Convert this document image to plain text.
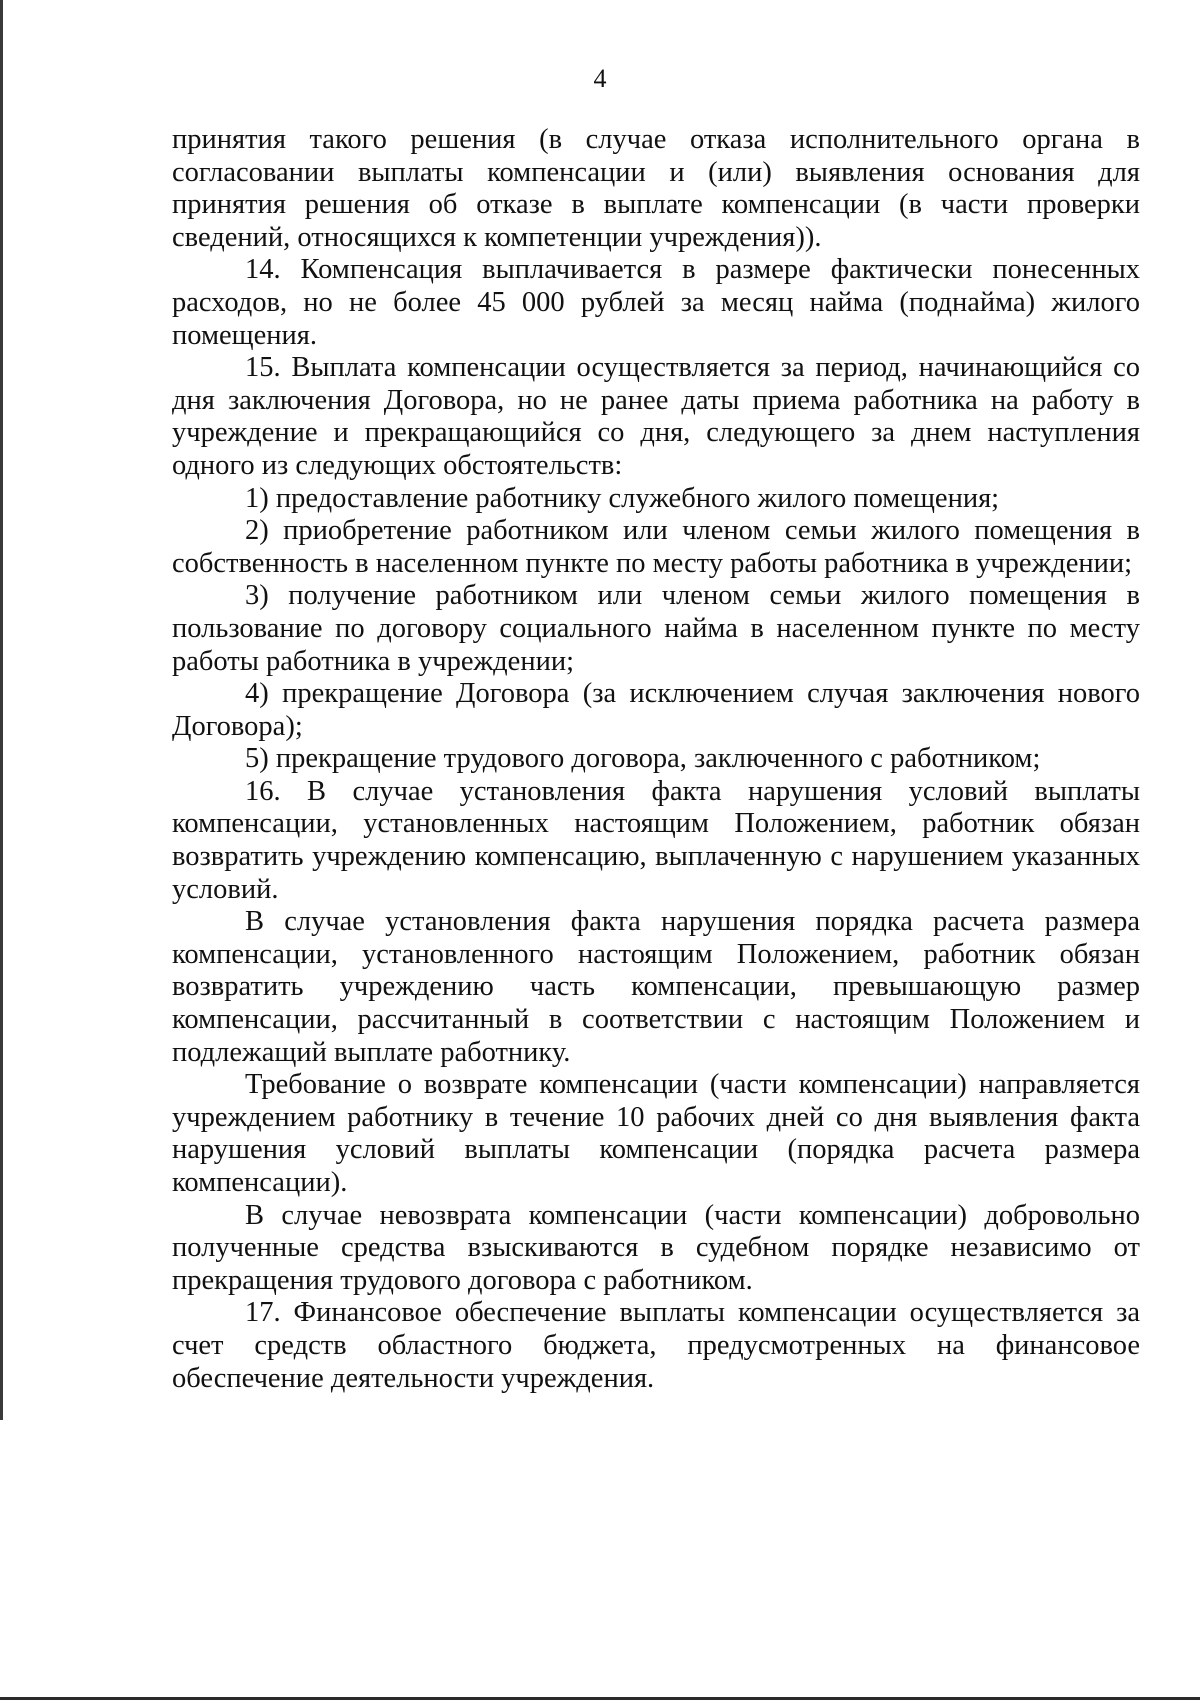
4

принятия такого решения (в случае отказа исполнительного органа в согласовании выплаты компенсации и (или) выявления основания для принятия решения об отказе в выплате компенсации (в части проверки сведений, относящихся к компетенции учреждения)).

14. Компенсация выплачивается в размере фактически понесенных расходов, но не более 45 000 рублей за месяц найма (поднайма) жилого помещения.

15. Выплата компенсации осуществляется за период, начинающийся со дня заключения Договора, но не ранее даты приема работника на работу в учреждение и прекращающийся со дня, следующего за днем наступления одного из следующих обстоятельств:

1) предоставление работнику служебного жилого помещения;

2) приобретение работником или членом семьи жилого помещения в собственность в населенном пункте по месту работы работника в учреждении;

3) получение работником или членом семьи жилого помещения в пользование по договору социального найма в населенном пункте по месту работы работника в учреждении;

4) прекращение Договора (за исключением случая заключения нового Договора);

5) прекращение трудового договора, заключенного с работником;

16. В случае установления факта нарушения условий выплаты компенсации, установленных настоящим Положением, работник обязан возвратить учреждению компенсацию, выплаченную с нарушением указанных условий.

В случае установления факта нарушения порядка расчета размера компенсации, установленного настоящим Положением, работник обязан возвратить учреждению часть компенсации, превышающую размер компенсации, рассчитанный в соответствии с настоящим Положением и подлежащий выплате работнику.

Требование о возврате компенсации (части компенсации) направляется учреждением работнику в течение 10 рабочих дней со дня выявления факта нарушения условий выплаты компенсации (порядка расчета размера компенсации).

В случае невозврата компенсации (части компенсации) добровольно полученные средства взыскиваются в судебном порядке независимо от прекращения трудового договора с работником.

17. Финансовое обеспечение выплаты компенсации осуществляется за счет средств областного бюджета, предусмотренных на финансовое обеспечение деятельности учреждения.
